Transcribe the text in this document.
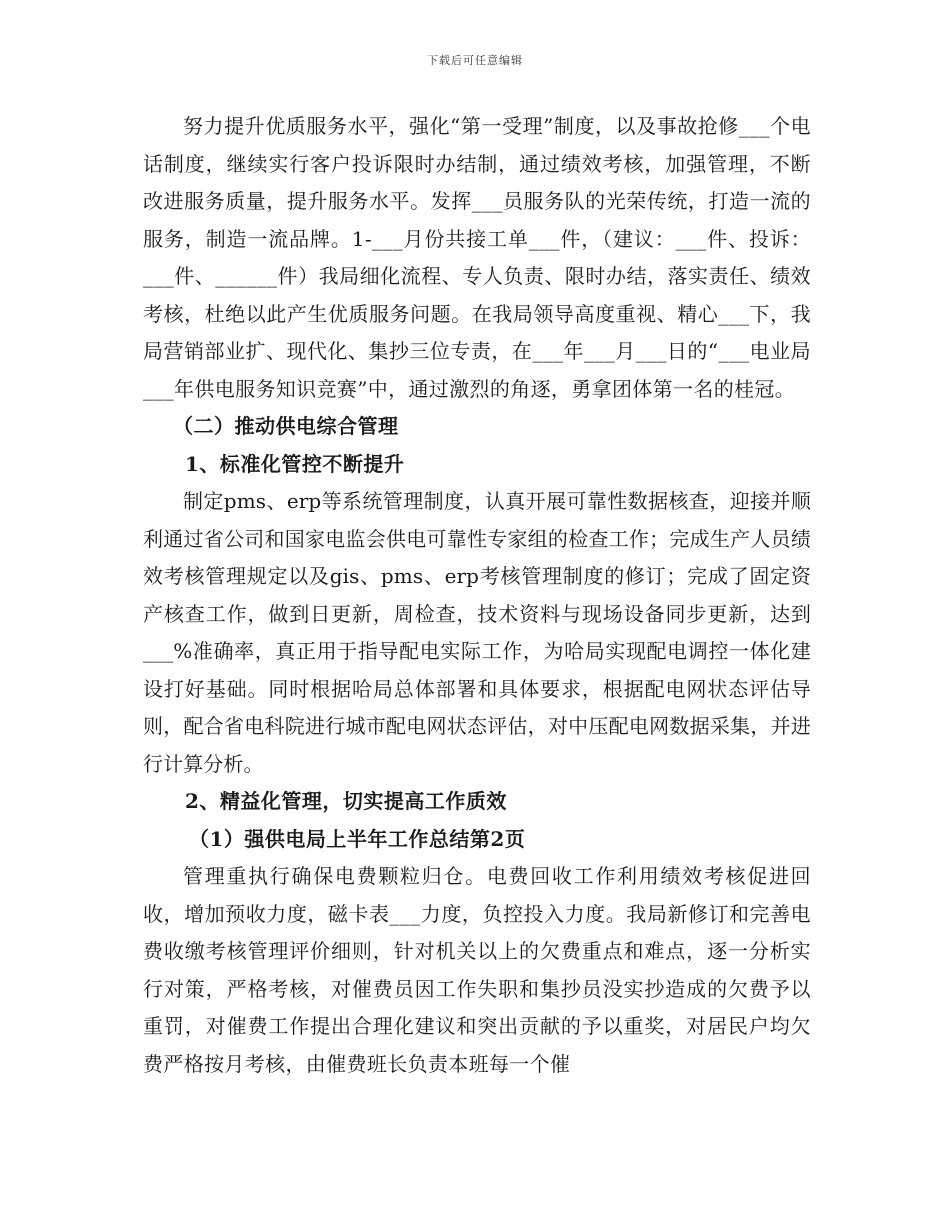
下载后可任意编辑

努力提升优质服务水平，强化“第一受理”制度，以及事故抢修___个电话制度，继续实行客户投诉限时办结制，通过绩效考核，加强管理，不断改进服务质量，提升服务水平。发挥___员服务队的光荣传统，打造一流的服务，制造一流品牌。1-___月份共接工单___件，（建议：___件、投诉：___件、______件）我局细化流程、专人负责、限时办结，落实责任、绩效考核，杜绝以此产生优质服务问题。在我局领导高度重视、精心___下，我局营销部业扩、现代化、集抄三位专责，在___年___月___日的“___电业局___年供电服务知识竞赛”中，通过激烈的角逐，勇拿团体第一名的桂冠。

（二）推动供电综合管理

1、标准化管控不断提升

制定pms、erp等系统管理制度，认真开展可靠性数据核查，迎接并顺利通过省公司和国家电监会供电可靠性专家组的检查工作；完成生产人员绩效考核管理规定以及gis、pms、erp考核管理制度的修订；完成了固定资产核查工作，做到日更新，周检查，技术资料与现场设备同步更新，达到___%准确率，真正用于指导配电实际工作，为哈局实现配电调控一体化建设打好基础。同时根据哈局总体部署和具体要求，根据配电网状态评估导则，配合省电科院进行城市配电网状态评估，对中压配电网数据采集，并进行计算分析。

2、精益化管理，切实提高工作质效

（1）强供电局上半年工作总结第2页

管理重执行确保电费颗粒归仓。电费回收工作利用绩效考核促进回收，增加预收力度，磁卡表___力度，负控投入力度。我局新修订和完善电费收缴考核管理评价细则，针对机关以上的欠费重点和难点，逐一分析实行对策，严格考核，对催费员因工作失职和集抄员没实抄造成的欠费予以重罚，对催费工作提出合理化建议和突出贡献的予以重奖，对居民户均欠费严格按月考核，由催费班长负责本班每一个催
